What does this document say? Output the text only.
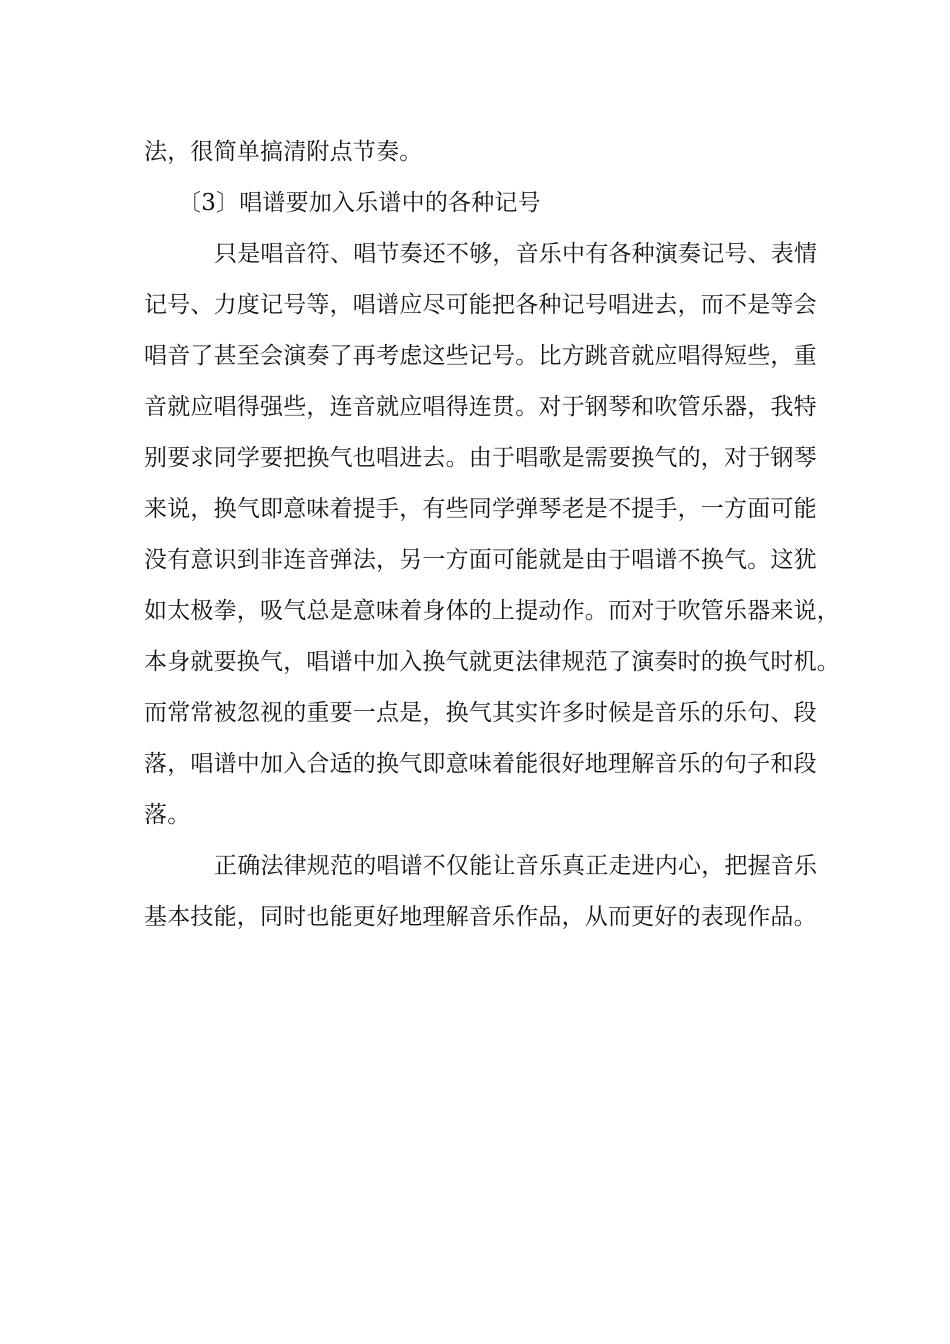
法，很简单搞清附点节奏。
〔3〕唱谱要加入乐谱中的各种记号
只是唱音符、唱节奏还不够，音乐中有各种演奏记号、表情
记号、力度记号等，唱谱应尽可能把各种记号唱进去，而不是等会
唱音了甚至会演奏了再考虑这些记号。比方跳音就应唱得短些，重
音就应唱得强些，连音就应唱得连贯。对于钢琴和吹管乐器，我特
别要求同学要把换气也唱进去。由于唱歌是需要换气的，对于钢琴
来说，换气即意味着提手，有些同学弹琴老是不提手，一方面可能
没有意识到非连音弹法，另一方面可能就是由于唱谱不换气。这犹
如太极拳，吸气总是意味着身体的上提动作。而对于吹管乐器来说，
本身就要换气，唱谱中加入换气就更法律规范了演奏时的换气时机。
而常常被忽视的重要一点是，换气其实许多时候是音乐的乐句、段
落，唱谱中加入合适的换气即意味着能很好地理解音乐的句子和段
落。
正确法律规范的唱谱不仅能让音乐真正走进内心，把握音乐
基本技能，同时也能更好地理解音乐作品，从而更好的表现作品。
